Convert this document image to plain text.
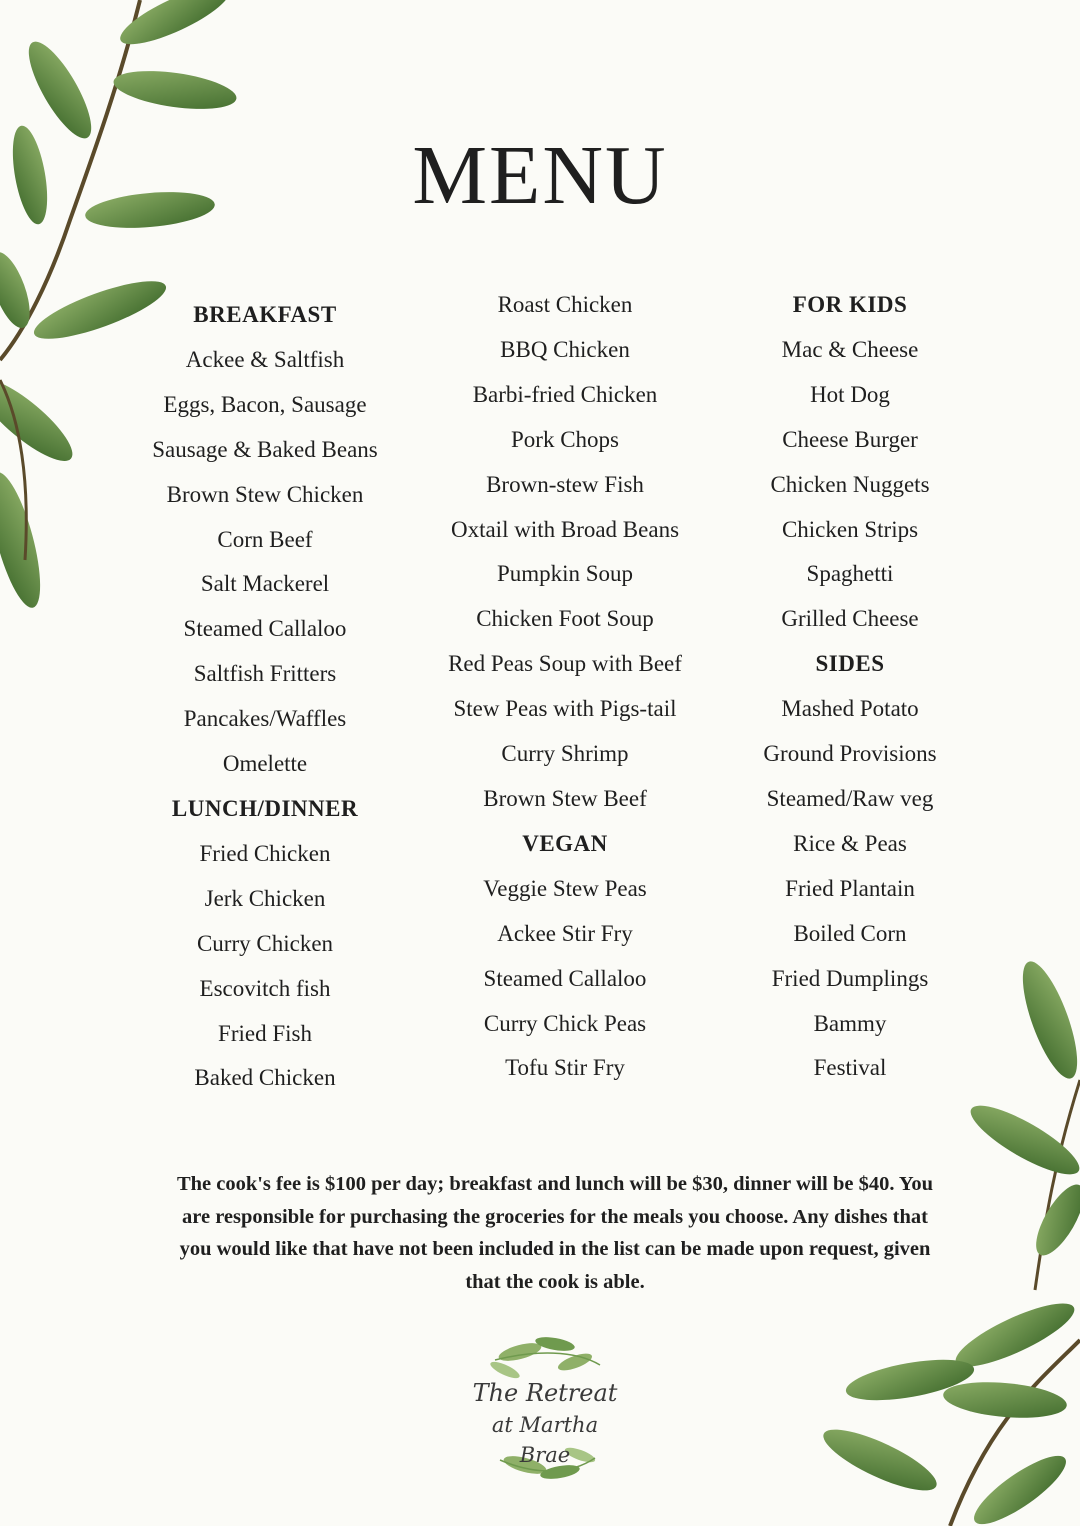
MENU
BREAKFAST
Ackee & Saltfish
Eggs, Bacon, Sausage
Sausage & Baked Beans
Brown Stew Chicken
Corn Beef
Salt Mackerel
Steamed Callaloo
Saltfish Fritters
Pancakes/Waffles
Omelette
LUNCH/DINNER
Fried Chicken
Jerk Chicken
Curry Chicken
Escovitch fish
Fried Fish
Baked Chicken
Roast Chicken
BBQ Chicken
Barbi-fried Chicken
Pork Chops
Brown-stew Fish
Oxtail with Broad Beans
Pumpkin Soup
Chicken Foot Soup
Red Peas Soup with Beef
Stew Peas with Pigs-tail
Curry Shrimp
Brown Stew Beef
VEGAN
Veggie Stew Peas
Ackee Stir Fry
Steamed Callaloo
Curry Chick Peas
Tofu Stir Fry
FOR KIDS
Mac & Cheese
Hot Dog
Cheese Burger
Chicken Nuggets
Chicken Strips
Spaghetti
Grilled Cheese
SIDES
Mashed Potato
Ground Provisions
Steamed/Raw veg
Rice & Peas
Fried Plantain
Boiled Corn
Fried Dumplings
Bammy
Festival

The cook's fee is $100 per day; breakfast and lunch will be $30, dinner will be $40. You are responsible for purchasing the groceries for the meals you choose. Any dishes that you would like that have not been included in the list can be made upon request, given that the cook is able.

The Retreat
at Martha Brae
